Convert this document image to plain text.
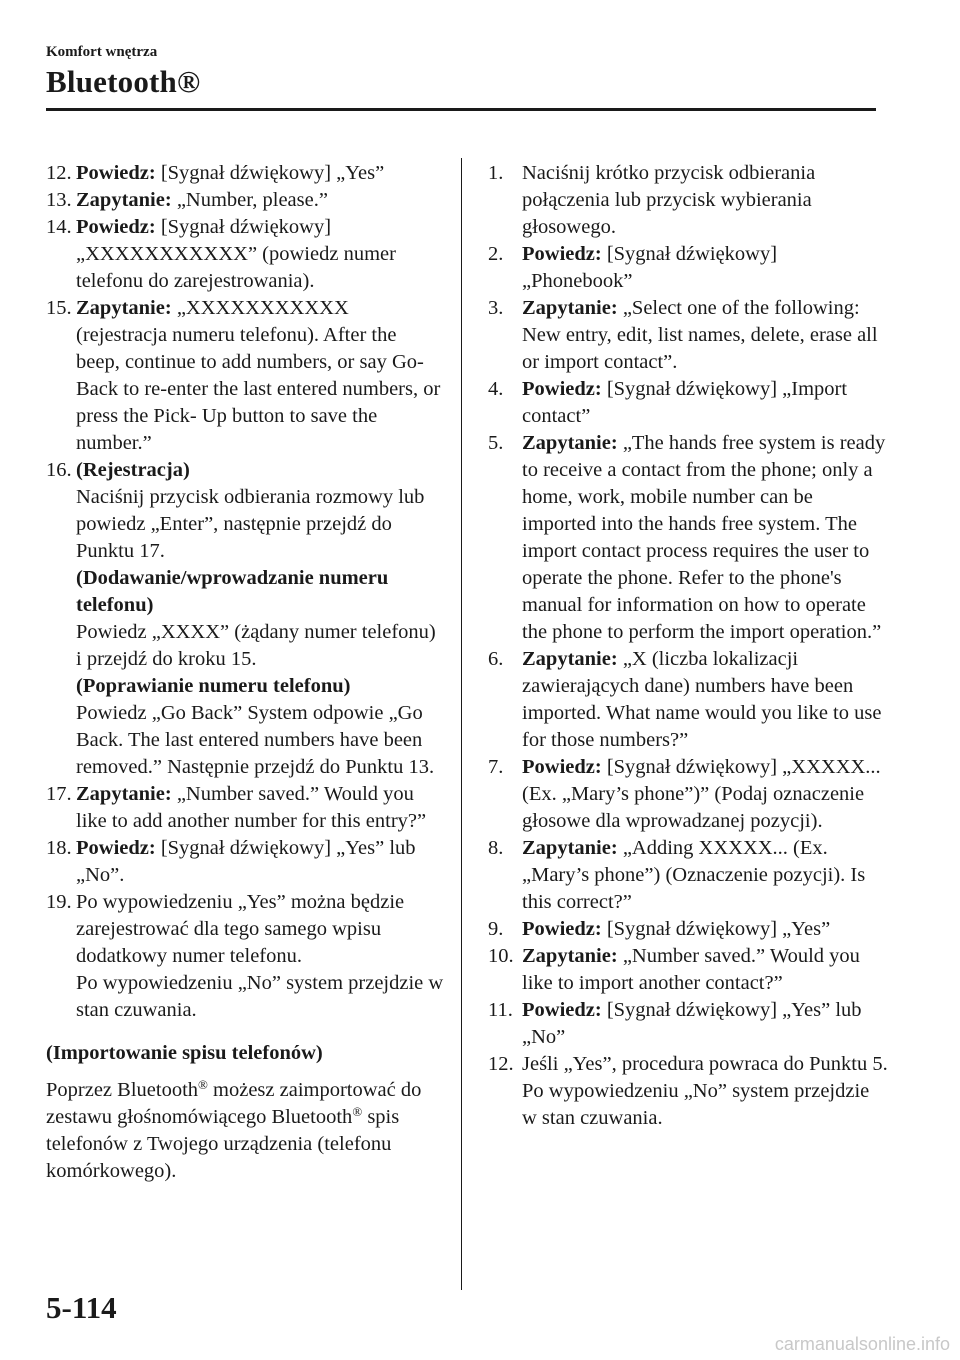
Komfort wnętrza
Bluetooth®
12. Powiedz: [Sygnał dźwiękowy] „Yes”
13. Zapytanie: „Number, please.”
14. Powiedz: [Sygnał dźwiękowy] „XXXXXXXXXXX” (powiedz numer telefonu do zarejestrowania).
15. Zapytanie: „XXXXXXXXXXX (rejestracja numeru telefonu). After the beep, continue to add numbers, or say Go-Back to re-enter the last entered numbers, or press the Pick- Up button to save the number.”
16. (Rejestracja)
Naciśnij przycisk odbierania rozmowy lub powiedz „Enter”, następnie przejdź do Punktu 17.
(Dodawanie/wprowadzanie numeru telefonu)
Powiedz „XXXX” (żądany numer telefonu) i przejdź do kroku 15.
(Poprawianie numeru telefonu)
Powiedz „Go Back” System odpowie „Go Back. The last entered numbers have been removed.” Następnie przejdź do Punktu 13.
17. Zapytanie: „Number saved.” Would you like to add another number for this entry?”
18. Powiedz: [Sygnał dźwiękowy] „Yes” lub „No”.
19. Po wypowiedzeniu „Yes” można będzie zarejestrować dla tego samego wpisu dodatkowy numer telefonu.
Po wypowiedzeniu „No” system przejdzie w stan czuwania.
(Importowanie spisu telefonów)

Poprzez Bluetooth® możesz zaimportować do zestawu głośnomówiącego Bluetooth® spis telefonów z Twojego urządzenia (telefonu komórkowego).

1. Naciśnij krótko przycisk odbierania połączenia lub przycisk wybierania głosowego.
2. Powiedz: [Sygnał dźwiękowy] „Phonebook”
3. Zapytanie: „Select one of the following: New entry, edit, list names, delete, erase all or import contact”.
4. Powiedz: [Sygnał dźwiękowy] „Import contact”
5. Zapytanie: „The hands free system is ready to receive a contact from the phone; only a home, work, mobile number can be imported into the hands free system. The import contact process requires the user to operate the phone. Refer to the phone's manual for information on how to operate the phone to perform the import operation.”
6. Zapytanie: „X (liczba lokalizacji zawierających dane) numbers have been imported. What name would you like to use for those numbers?”
7. Powiedz: [Sygnał dźwiękowy] „XXXXX... (Ex. „Mary’s phone”)” (Podaj oznaczenie głosowe dla wprowadzanej pozycji).
8. Zapytanie: „Adding XXXXX... (Ex. „Mary’s phone”) (Oznaczenie pozycji). Is this correct?”
9. Powiedz: [Sygnał dźwiękowy] „Yes”
10. Zapytanie: „Number saved.” Would you like to import another contact?”
11. Powiedz: [Sygnał dźwiękowy] „Yes” lub „No”
12. Jeśli „Yes”, procedura powraca do Punktu 5.
Po wypowiedzeniu „No” system przejdzie w stan czuwania.
5-114
carmanualsonline.info
